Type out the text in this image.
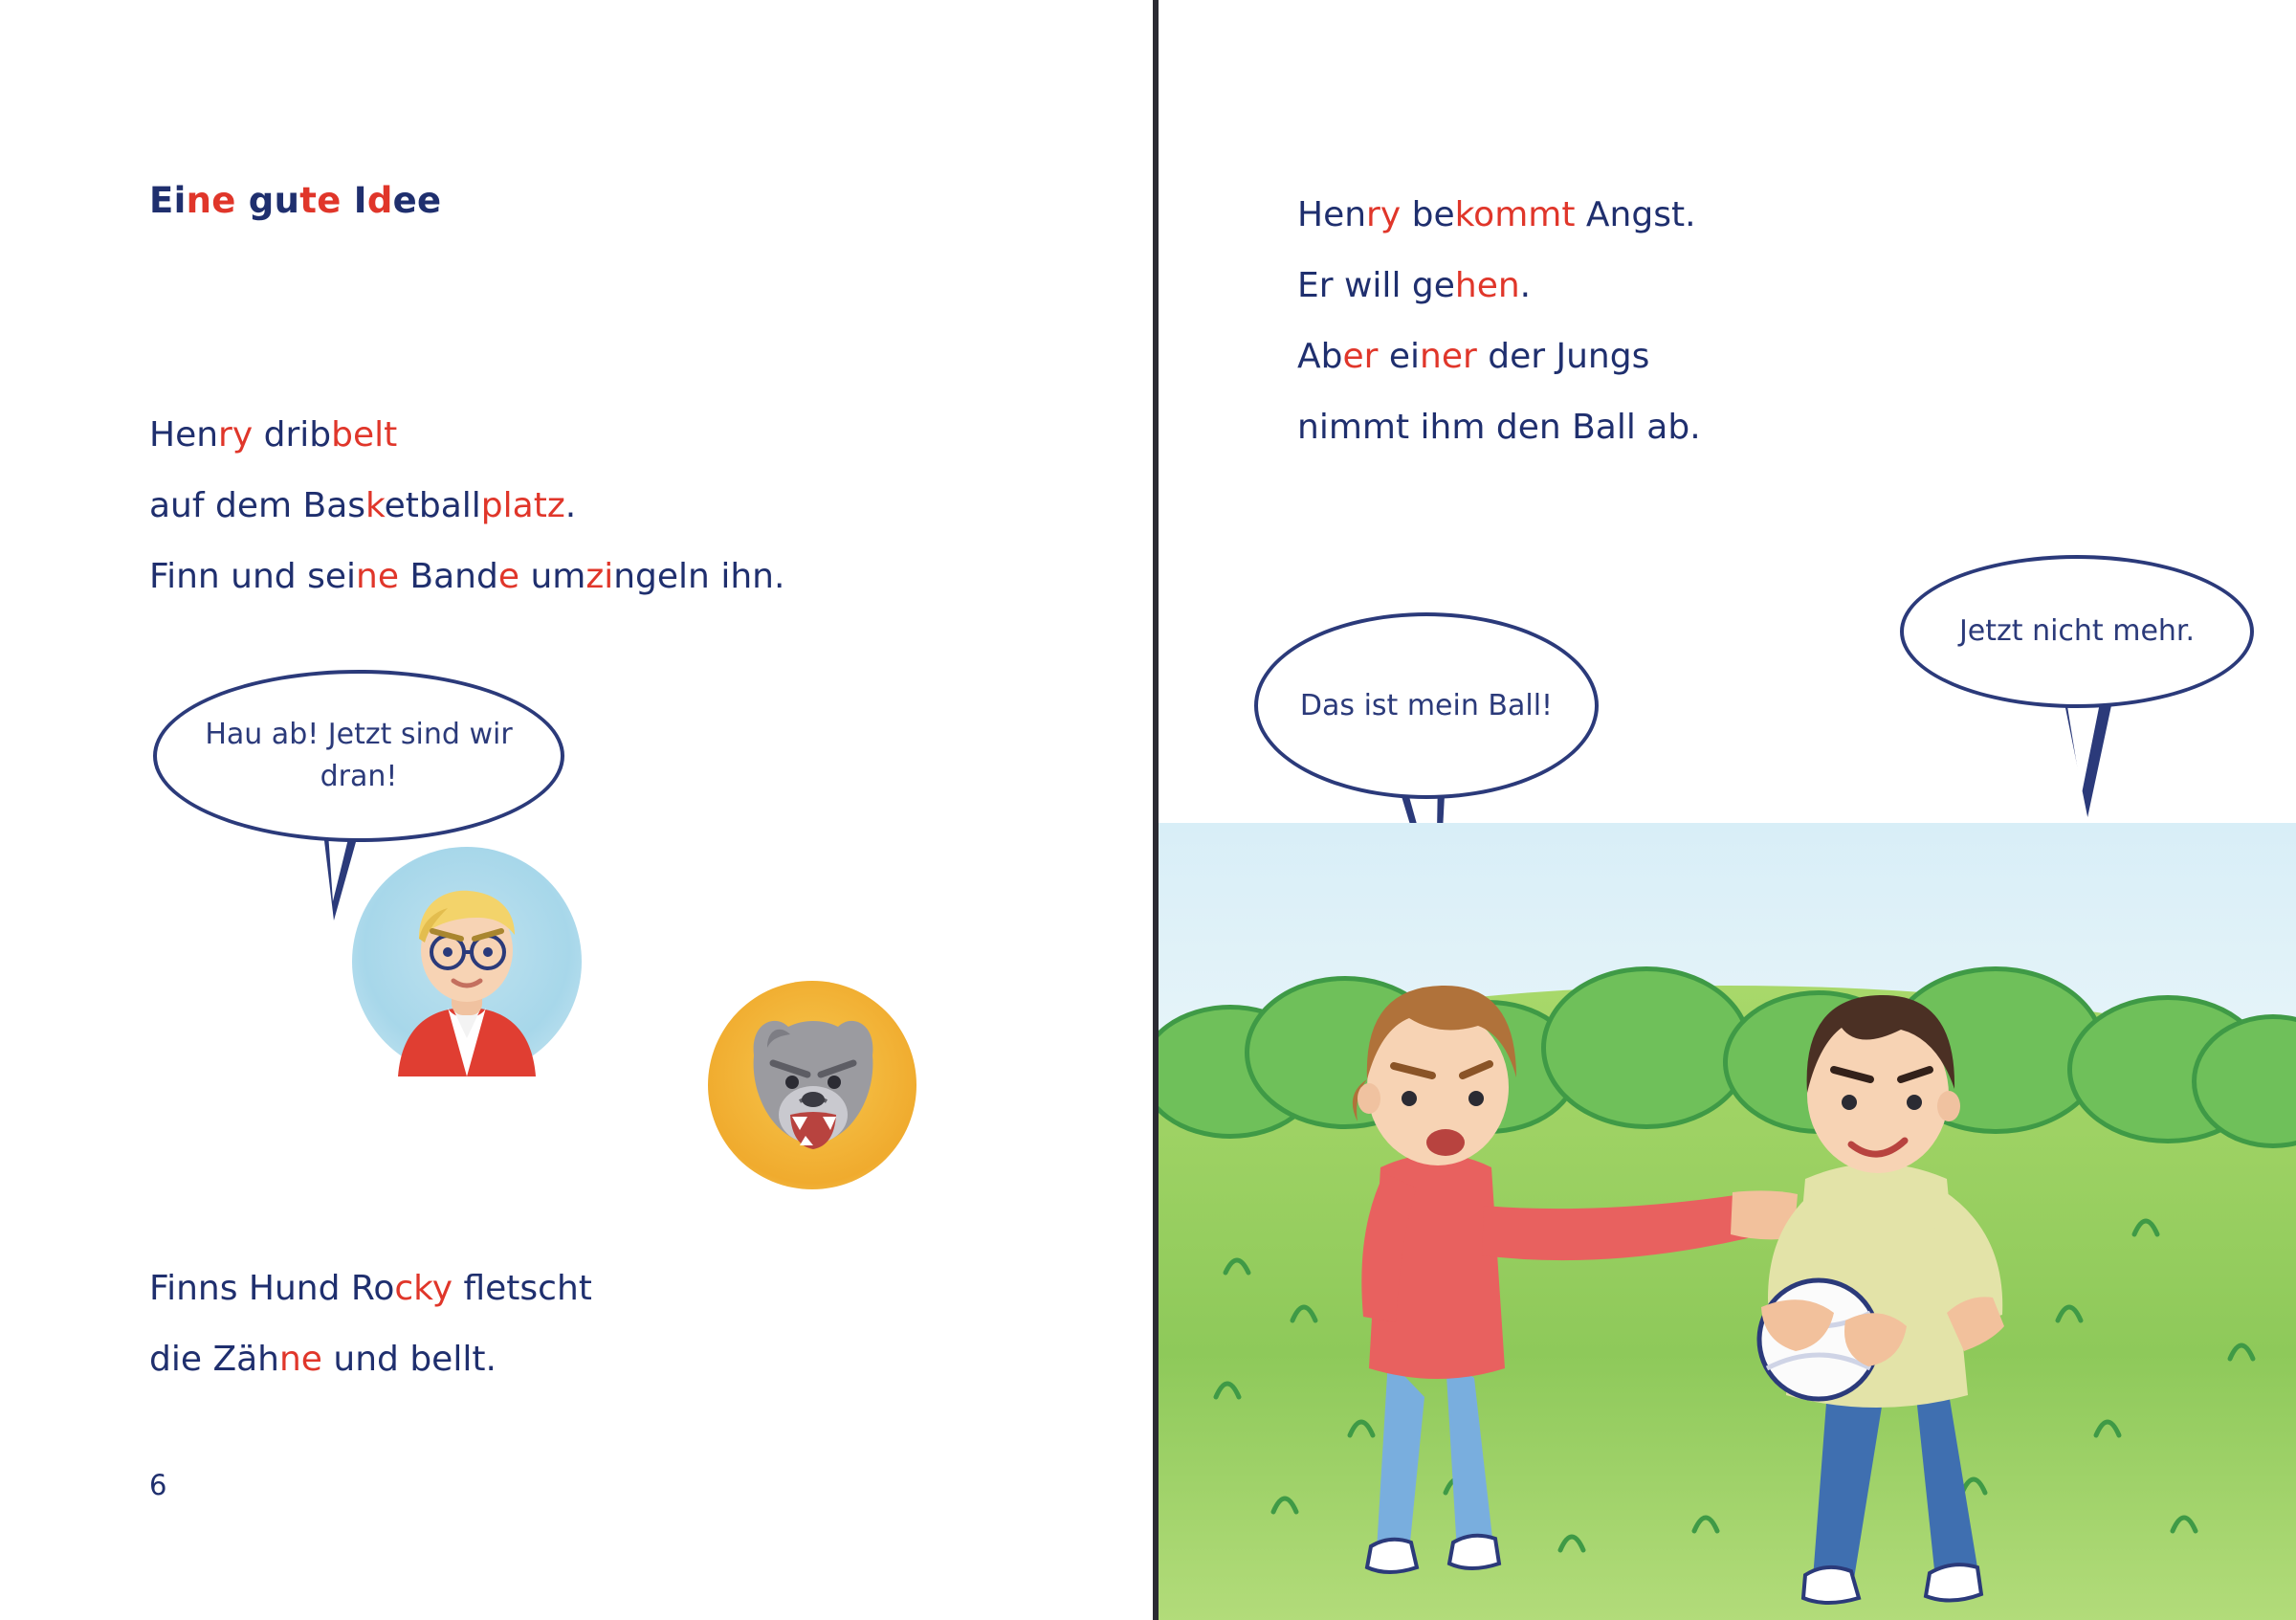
Eine gute Idee
Henry dribbelt
auf dem Basketballplatz.
Finn und seine Bande umzingeln ihn.
Hau ab! Jetzt sind wir dran!
Finns Hund Rocky fletscht
die Zähne und bellt.
6
Henry bekommt Angst.
Er will gehen.
Aber einer der Jungs
nimmt ihm den Ball ab.
Das ist mein Ball!
Jetzt nicht mehr.
